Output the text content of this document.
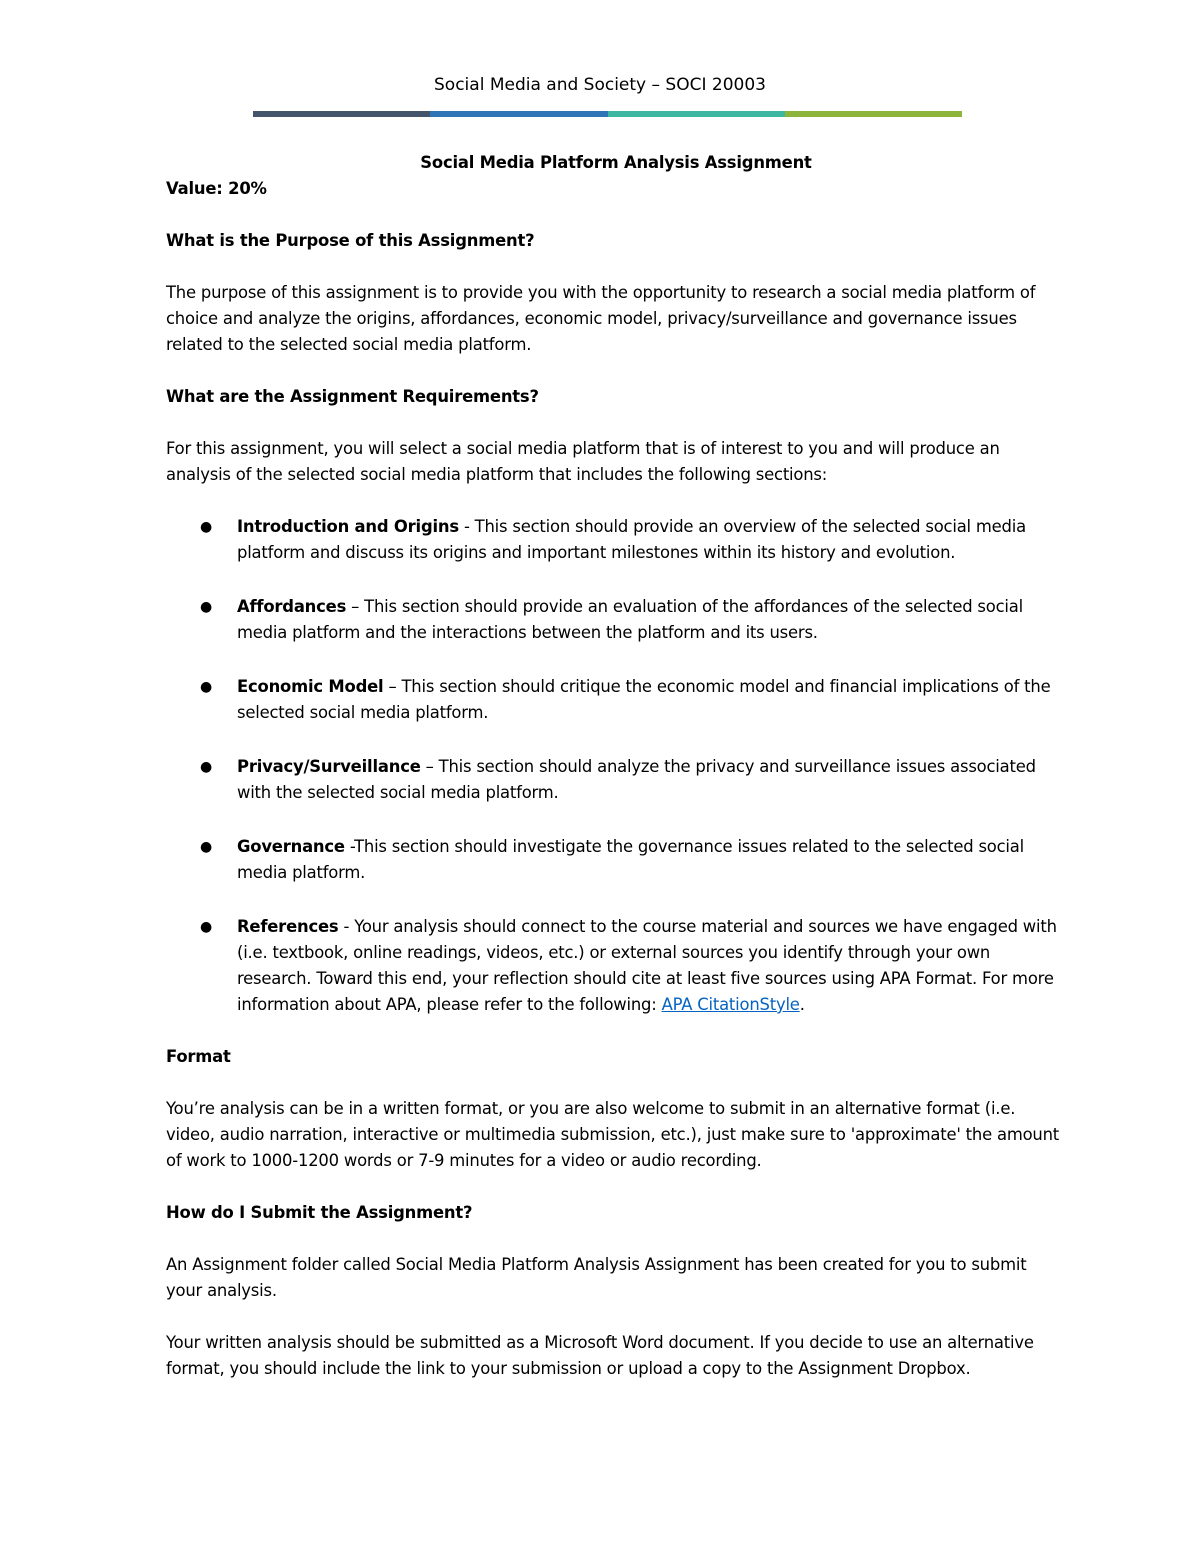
Social Media and Society – SOCI 20003

Social Media Platform Analysis Assignment

Value: 20%

What is the Purpose of this Assignment?

The purpose of this assignment is to provide you with the opportunity to research a social media platform of choice and analyze the origins, affordances, economic model, privacy/surveillance and governance issues related to the selected social media platform.

What are the Assignment Requirements?

For this assignment, you will select a social media platform that is of interest to you and will produce an analysis of the selected social media platform that includes the following sections:

● Introduction and Origins - This section should provide an overview of the selected social media platform and discuss its origins and important milestones within its history and evolution.
● Affordances – This section should provide an evaluation of the affordances of the selected social media platform and the interactions between the platform and its users.
● Economic Model – This section should critique the economic model and financial implications of the selected social media platform.
● Privacy/Surveillance – This section should analyze the privacy and surveillance issues associated with the selected social media platform.
● Governance -This section should investigate the governance issues related to the selected social media platform.
● References - Your analysis should connect to the course material and sources we have engaged with (i.e. textbook, online readings, videos, etc.) or external sources you identify through your own research. Toward this end, your reflection should cite at least five sources using APA Format. For more information about APA, please refer to the following: APA CitationStyle.

Format

You’re analysis can be in a written format, or you are also welcome to submit in an alternative format (i.e. video, audio narration, interactive or multimedia submission, etc.), just make sure to 'approximate' the amount of work to 1000-1200 words or 7-9 minutes for a video or audio recording.

How do I Submit the Assignment?

An Assignment folder called Social Media Platform Analysis Assignment has been created for you to submit your analysis.

Your written analysis should be submitted as a Microsoft Word document. If you decide to use an alternative format, you should include the link to your submission or upload a copy to the Assignment Dropbox.
